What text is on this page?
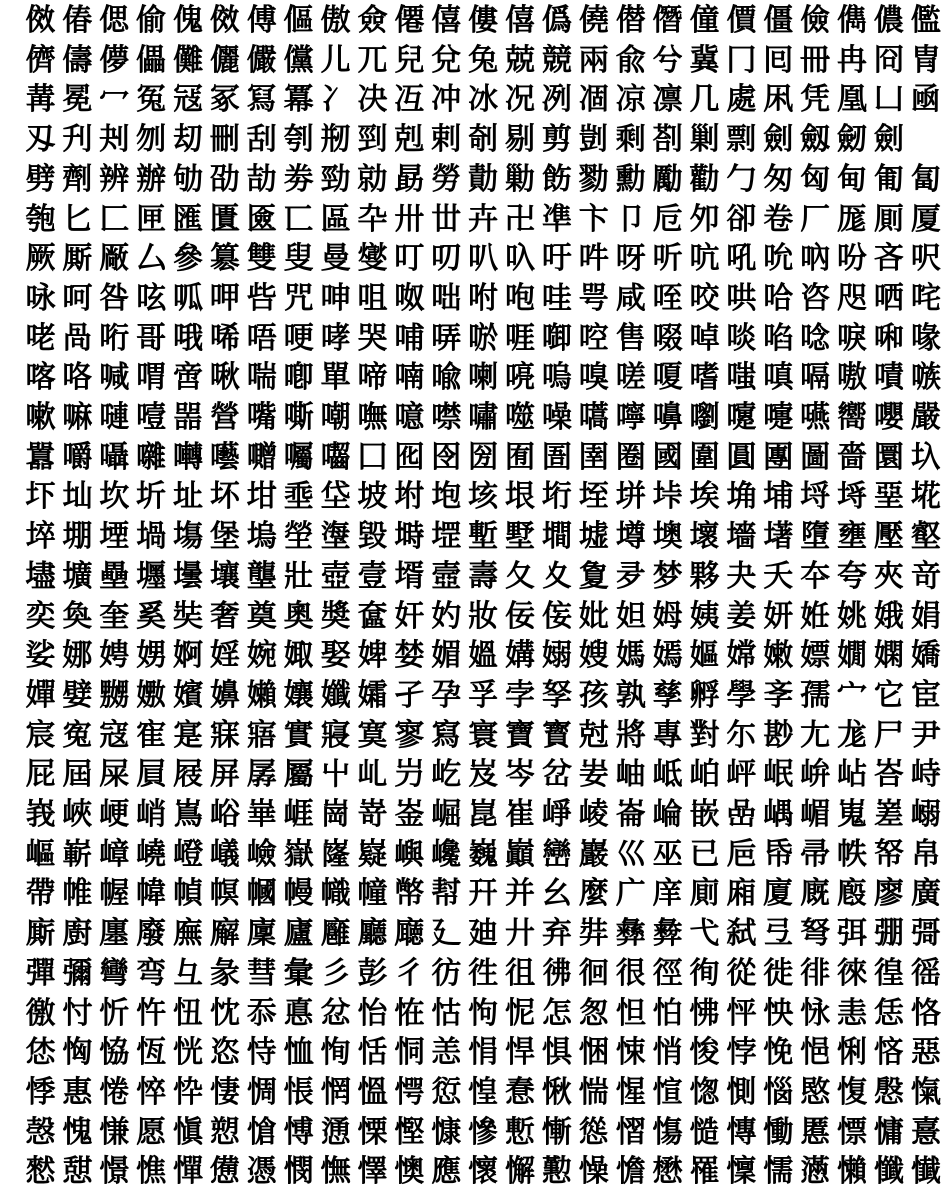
傚 偆 偲 偷 傀 傚 傅 傴 傲 僉 僊 僖 僂 僖 僞 僥 僣 僭 僮 價 僵 儉 儁 儂 儖
儕 儔 儚 儡 儺 儷 儼 儻 儿 兀 兒 兌 兔 兢 競 兩 兪 兮 冀 冂 囘 冊 冉 冏 冑
冓 冕 冖 冤 冦 冢 冩 冪 冫 决 冱 冲 冰 况 冽 凅 凉 凛 几 處 凩 凭 凰 凵 凾
刄 刋 刔 刎 刧 刪 刮 刳 剏 剄 剋 剌 剞 剔 剪 剴 剩 剳 剿 剽 劍 劔 劒 劍
劈 劑 辨 辦 劬 劭 劼 劵 勁 勍 勗 勞 勣 勦 飭 勠 勳 勵 勸 勹 匆 匈 甸 匍 匐
匏 匕 匚 匣 匯 匱 匳 匸 區 卆 卅 丗 卉 卍 凖 卞 卩 卮 夘 卻 卷 厂 厖 厠 厦
厥 厮 厰 厶 參 簒 雙 叟 曼 燮 叮 叨 叭 叺 吁 吽 呀 听 吭 吼 吮 吶 吩 吝 呎
咏 呵 咎 呟 呱 呷 呰 咒 呻 咀 呶 咄 咐 咆 哇 咢 咸 咥 咬 哄 哈 咨 咫 哂 咤
咾 咼 哘 哥 哦 唏 唔 哽 哮 哭 哺 哢 唹 啀 啣 啌 售 啜 啅 啖 啗 唸 唳 啝 喙
喀 咯 喊 喟 啻 啾 喘 喞 單 啼 喃 喩 喇 喨 嗚 嗅 嗟 嗄 嗜 嗤 嗔 嗝 嗷 嘖 嗾
嗽 嘛 嗹 噎 噐 營 嘴 嘶 嘲 嘸 噫 噤 嘯 噬 噪 嚆 嚀 嚊 嚠 嚔 嚏 嚥 嚮 嚶 嚴
囂 嚼 囁 囃 囀 囈 囎 囑 囓 囗 囮 囹 圀 囿 圄 圉 圈 國 圍 圓 團 圖 嗇 圜 圦
圷 圸 坎 圻 址 坏 坩 埀 垈 坡 坿 垉 垓 垠 垳 垤 垪 垰 埃 埆 埔 埒 埓 堊 埖
埣 堋 堙 堝 塲 堡 塢 塋 塰 毀 塒 堽 塹 墅 墹 墟 墫 墺 壞 墻 墸 墮 壅 壓 壑
壗 壙 壘 壥 壜 壤 壟 壯 壺 壹 壻 壼 壽 夂 夊 夐 夛 梦 夥 夬 夭 夲 夸 夾 竒
奕 奐 奎 奚 奘 奢 奠 奧 奬 奩 奸 妁 妝 佞 侫 妣 妲 姆 姨 姜 妍 姙 姚 娥 娟
娑 娜 娉 娚 婀 婬 婉 娵 娶 婢 婪 媚 媼 媾 嫋 嫂 媽 嫣 嫗 嫦 嫩 嫖 嫺 嫻 嬌
嬋 嬖 嬲 嫐 嬪 嬶 嬾 孃 孅 孀 孑 孕 孚 孛 孥 孩 孰 孳 孵 學 斈 孺 宀 它 宦
宸 寃 寇 寉 寔 寐 寤 實 寢 寞 寥 寫 寰 寶 寳 尅 將 專 對 尓 尠 尢 尨 尸 尹
屁 屆 屎 屓 屐 屏 孱 屬 屮 乢 屶 屹 岌 岑 岔 妛 岫 岻 岶 岼 岷 峅 岾 峇 峙
峩 峽 峺 峭 嶌 峪 崋 崕 崗 嵜 崟 崛 崑 崔 崢 崚 崙 崘 嵌 嵒 嵎 嵋 嵬 嵳 嵶
嶇 嶄 嶂 嶢 嶝 嶬 嶮 嶽 嶐 嶷 嶼 巉 巍 巓 巒 巖 巛 巫 已 巵 帋 帚 帙 帑 帛
帶 帷 幄 幃 幀 幎 幗 幔 幟 幢 幤 幇 幵 并 幺 麼 广 庠 廁 廂 廈 廐 廏 廖 廣
廝 廚 廛 廢 廡 廨 廩 廬 廱 廳 廰 廴 廸 廾 弃 弉 彝 彜 弋 弑 弖 弩 弭 弸 彁
彈 彌 彎 弯 彑 彖 彗 彙 彡 彭 彳 彷 徃 徂 彿 徊 很 徑 徇 從 徙 徘 徠 徨 徭
徼 忖 忻 忤 忸 忱 忝 悳 忿 怡 恠 怙 怐 怩 怎 怱 怛 怕 怫 怦 怏 怺 恚 恁 恪
恷 恟 恊 恆 恍 恣 恃 恤 恂 恬 恫 恙 悁 悍 惧 悃 悚 悄 悛 悖 悗 悒 悧 悋 惡
悸 惠 惓 悴 忰 悽 惆 悵 惘 慍 愕 愆 惶 惷 愀 惴 惺 愃 愡 惻 惱 愍 愎 慇 愾
愨 愧 慊 愿 愼 愬 愴 愽 慂 慄 慳 慷 慘 慙 慚 慫 慴 慯 慥 慱 慟 慝 慓 慵 憙
憖 憇 憬 憔 憚 憊 憑 憫 憮 懌 懊 應 懷 懈 懃 懆 憺 懋 罹 懍 懦 懣 懶 懺 懴
